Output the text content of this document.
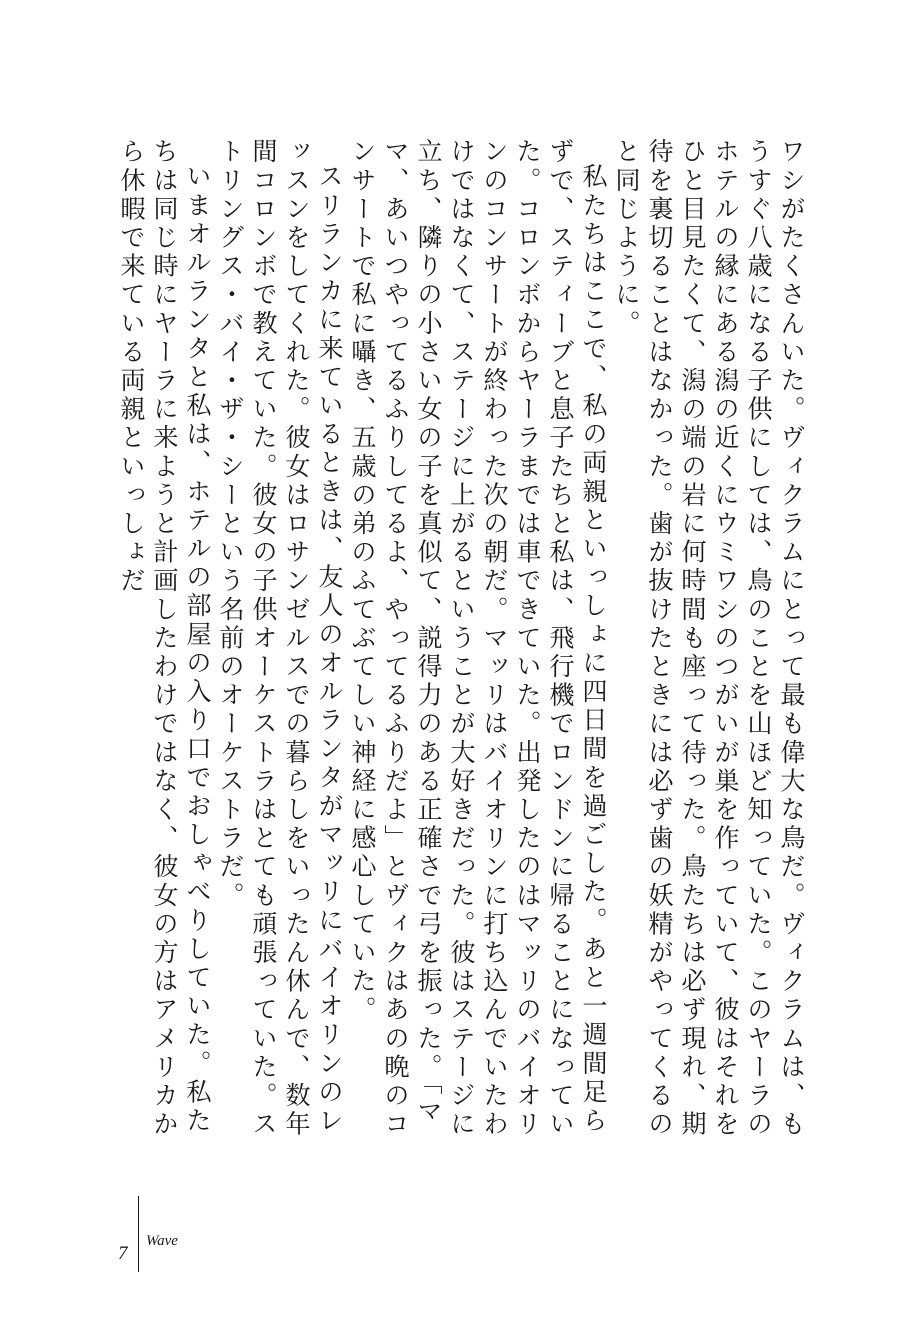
ワシがたくさんいた。ヴィクラムにとって最も偉大な鳥だ。ヴィクラムは、もうすぐ八歳になる子供にしては、鳥のことを山ほど知っていた。このヤーラのホテルの縁にある潟の近くにウミワシのつがいが巣を作っていて、彼はそれをひと目見たくて、潟の端の岩に何時間も座って待った。鳥たちは必ず現れ、期待を裏切ることはなかった。歯が抜けたときには必ず歯の妖精がやってくるのと同じように。

私たちはここで、私の両親といっしょに四日間を過ごした。あと一週間足らずで、スティーブと息子たちと私は、飛行機でロンドンに帰ることになっていた。コロンボからヤーラまでは車できていた。出発したのはマッリのバイオリンのコンサートが終わった次の朝だ。マッリはバイオリンに打ち込んでいたわけではなくて、ステージに上がるということが大好きだった。彼はステージに立ち、隣りの小さい女の子を真似て、説得力のある正確さで弓を振った。「ママ、あいつやってるふりしてるよ、やってるふりだよ」とヴィクはあの晩のコンサートで私に囁き、五歳の弟のふてぶてしい神経に感心していた。

スリランカに来ているときは、友人のオルランタがマッリにバイオリンのレッスンをしてくれた。彼女はロサンゼルスでの暮らしをいったん休んで、数年間コロンボで教えていた。彼女の子供オーケストラはとても頑張っていた。ストリングス・バイ・ザ・シーという名前のオーケストラだ。

いまオルランタと私は、ホテルの部屋の入り口でおしゃべりしていた。私たちは同じ時にヤーラに来ようと計画したわけではなく、彼女の方はアメリカから休暇で来ている両親といっしょだ

7
Wave
